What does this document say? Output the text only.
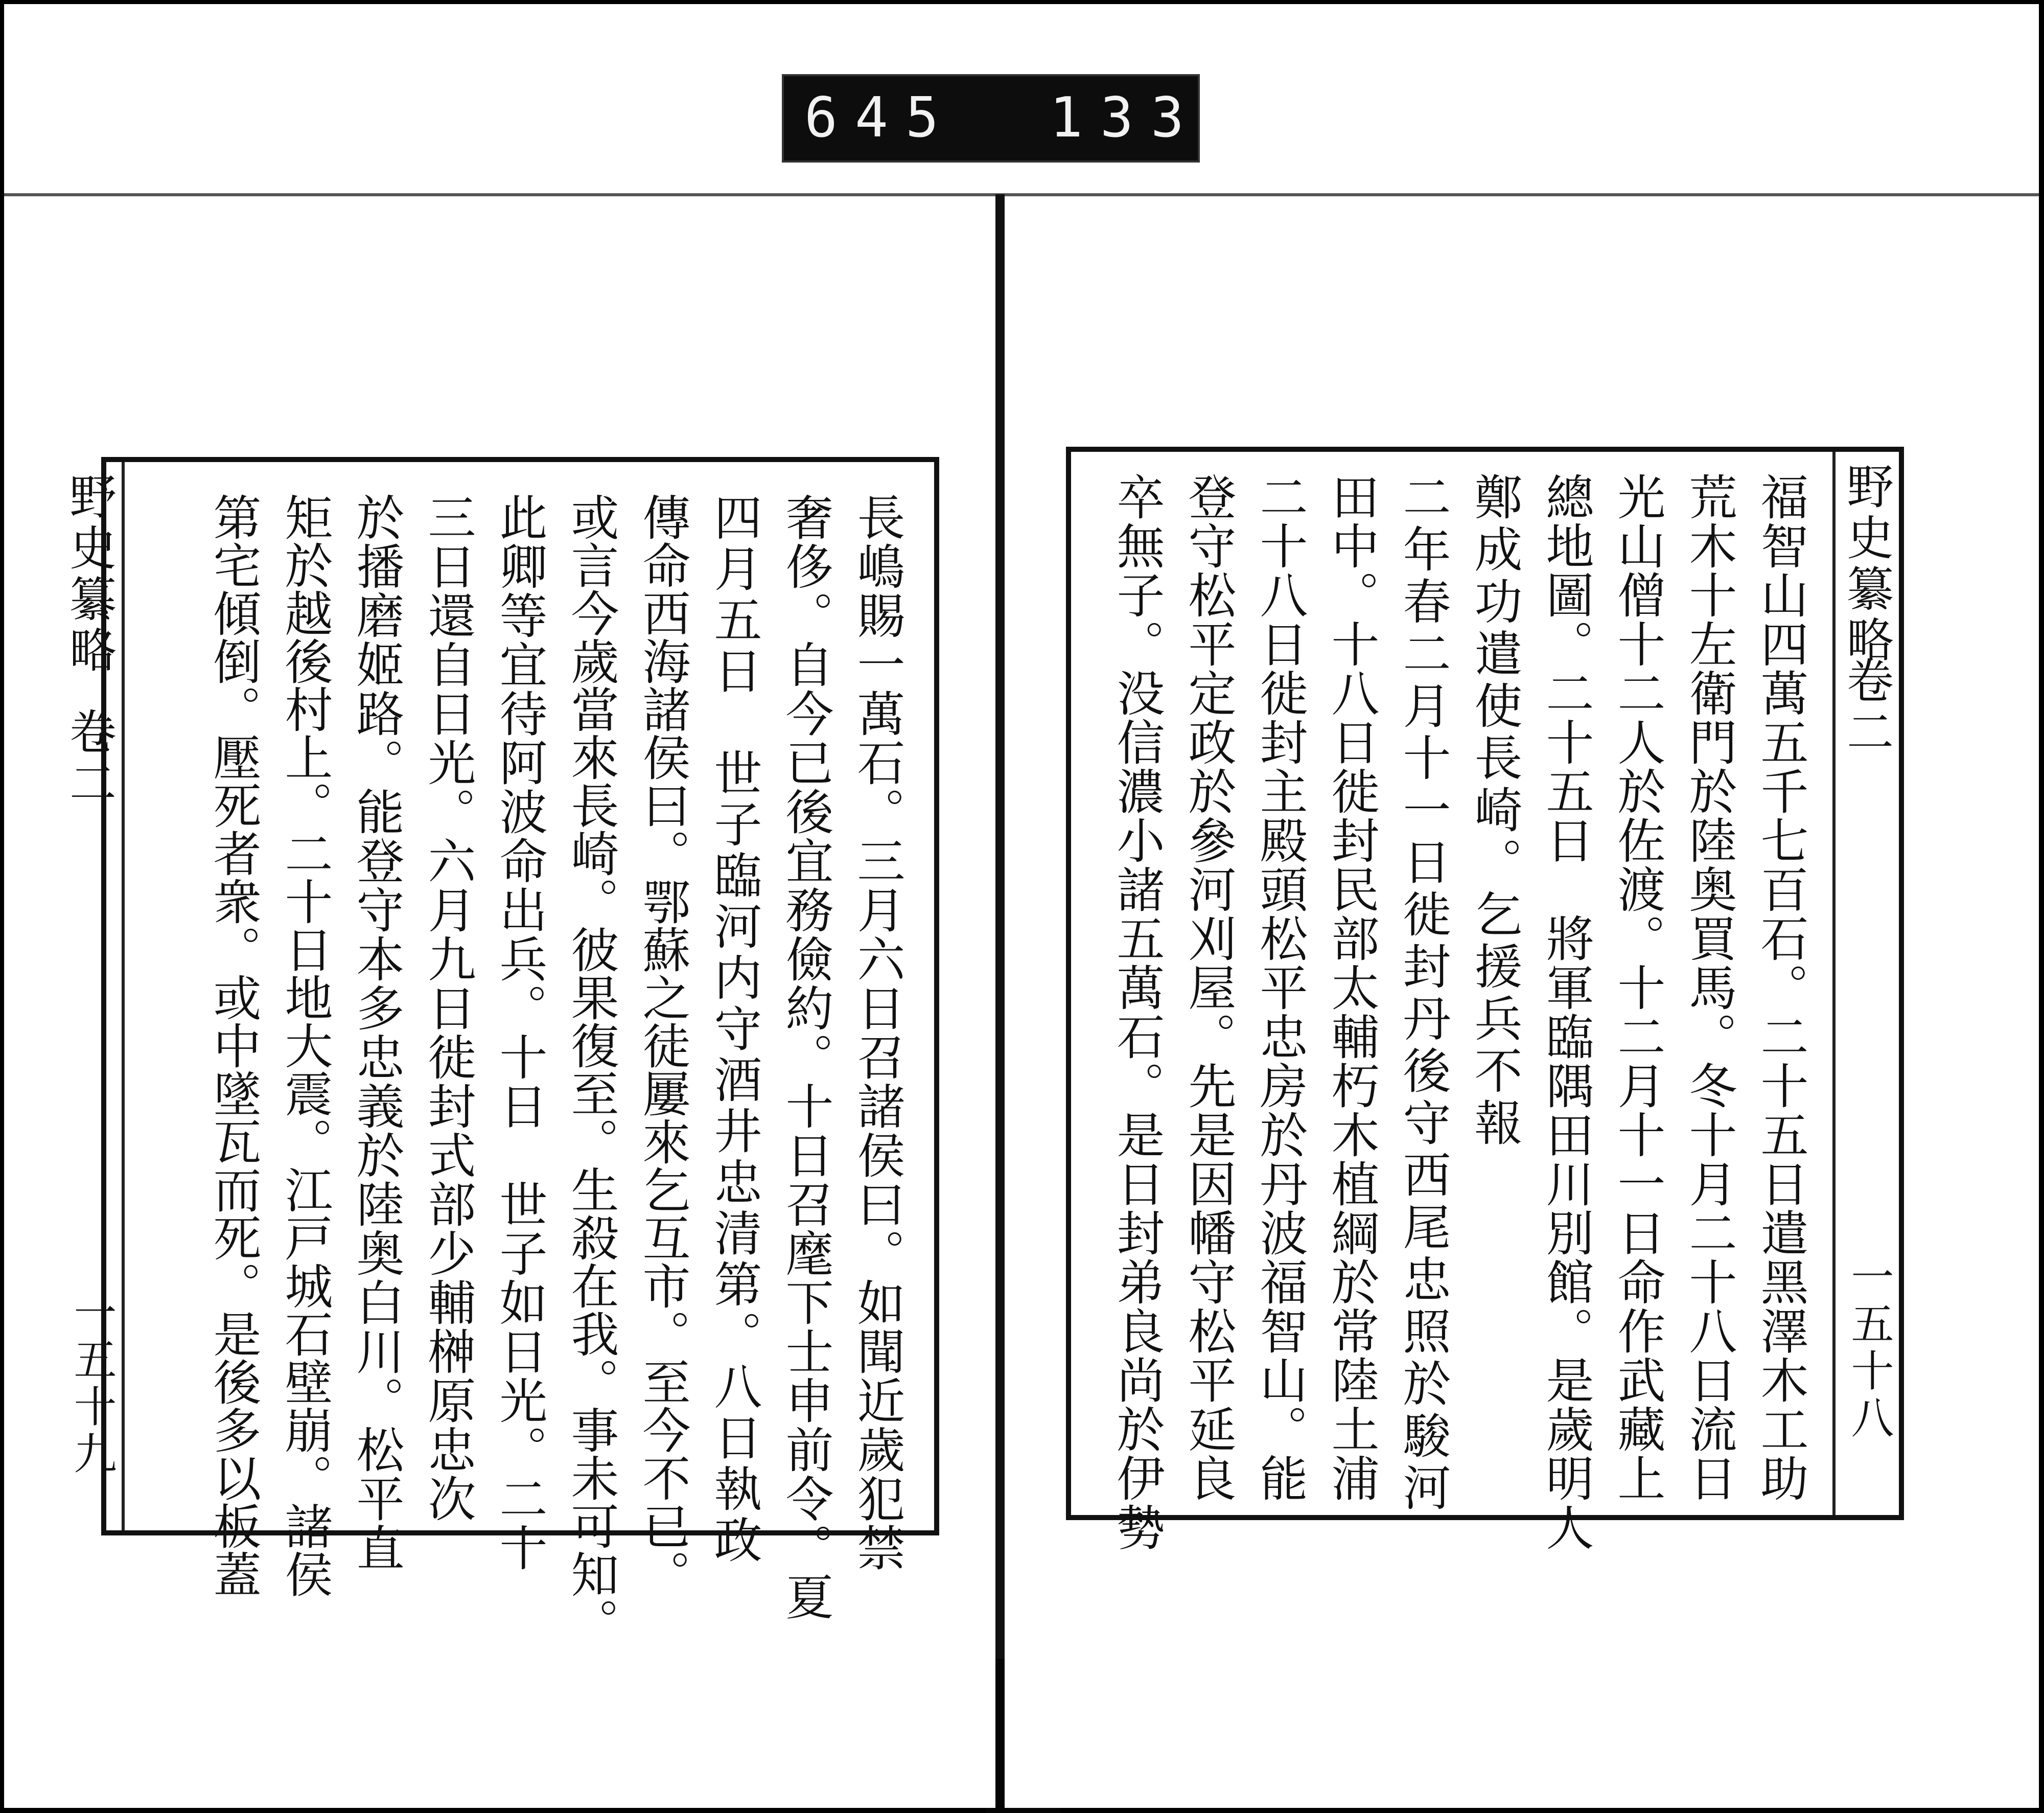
645 133
野史纂略
卷二
一五十八
福智山四萬五千七百石。二十五日遣黑澤木工助
荒木十左衛門於陸奥買馬。冬十月二十八日流日
光山僧十二人於佐渡。十二月十一日命作武藏上
總地圖。二十五日　將軍臨隅田川別館。是歲明人
鄭成功遣使長崎。乞援兵不報
二年春二月十一日徙封丹後守西尾忠照於駿河
田中。十八日徙封民部太輔朽木植綱於常陸土浦
二十八日徙封主殿頭松平忠房於丹波福智山。能
登守松平定政於參河刈屋。先是因幡守松平延良
卒無子。没信濃小諸五萬石。是日封弟良尚於伊勢
長嶋賜一萬石。三月六日召諸侯曰。如聞近歲犯禁
奢侈。自今已後宜務儉約。十日召麾下士申前令。夏
四月五日　世子臨河内守酒井忠清第。八日執政
傳命西海諸侯曰。鄂蘇之徒屢來乞互市。至今不已。
或言今歲當來長崎。彼果復至。生殺在我。事未可知。
此卿等宜待阿波命出兵。十日　世子如日光。二十
三日還自日光。六月九日徙封式部少輔榊原忠次
於播磨姬路。能登守本多忠義於陸奥白川。松平直
矩於越後村上。二十日地大震。江戸城石壁崩。諸侯
第宅傾倒。壓死者衆。或中墜瓦而死。是後多以板蓋
野史纂略
卷二
一五十九
